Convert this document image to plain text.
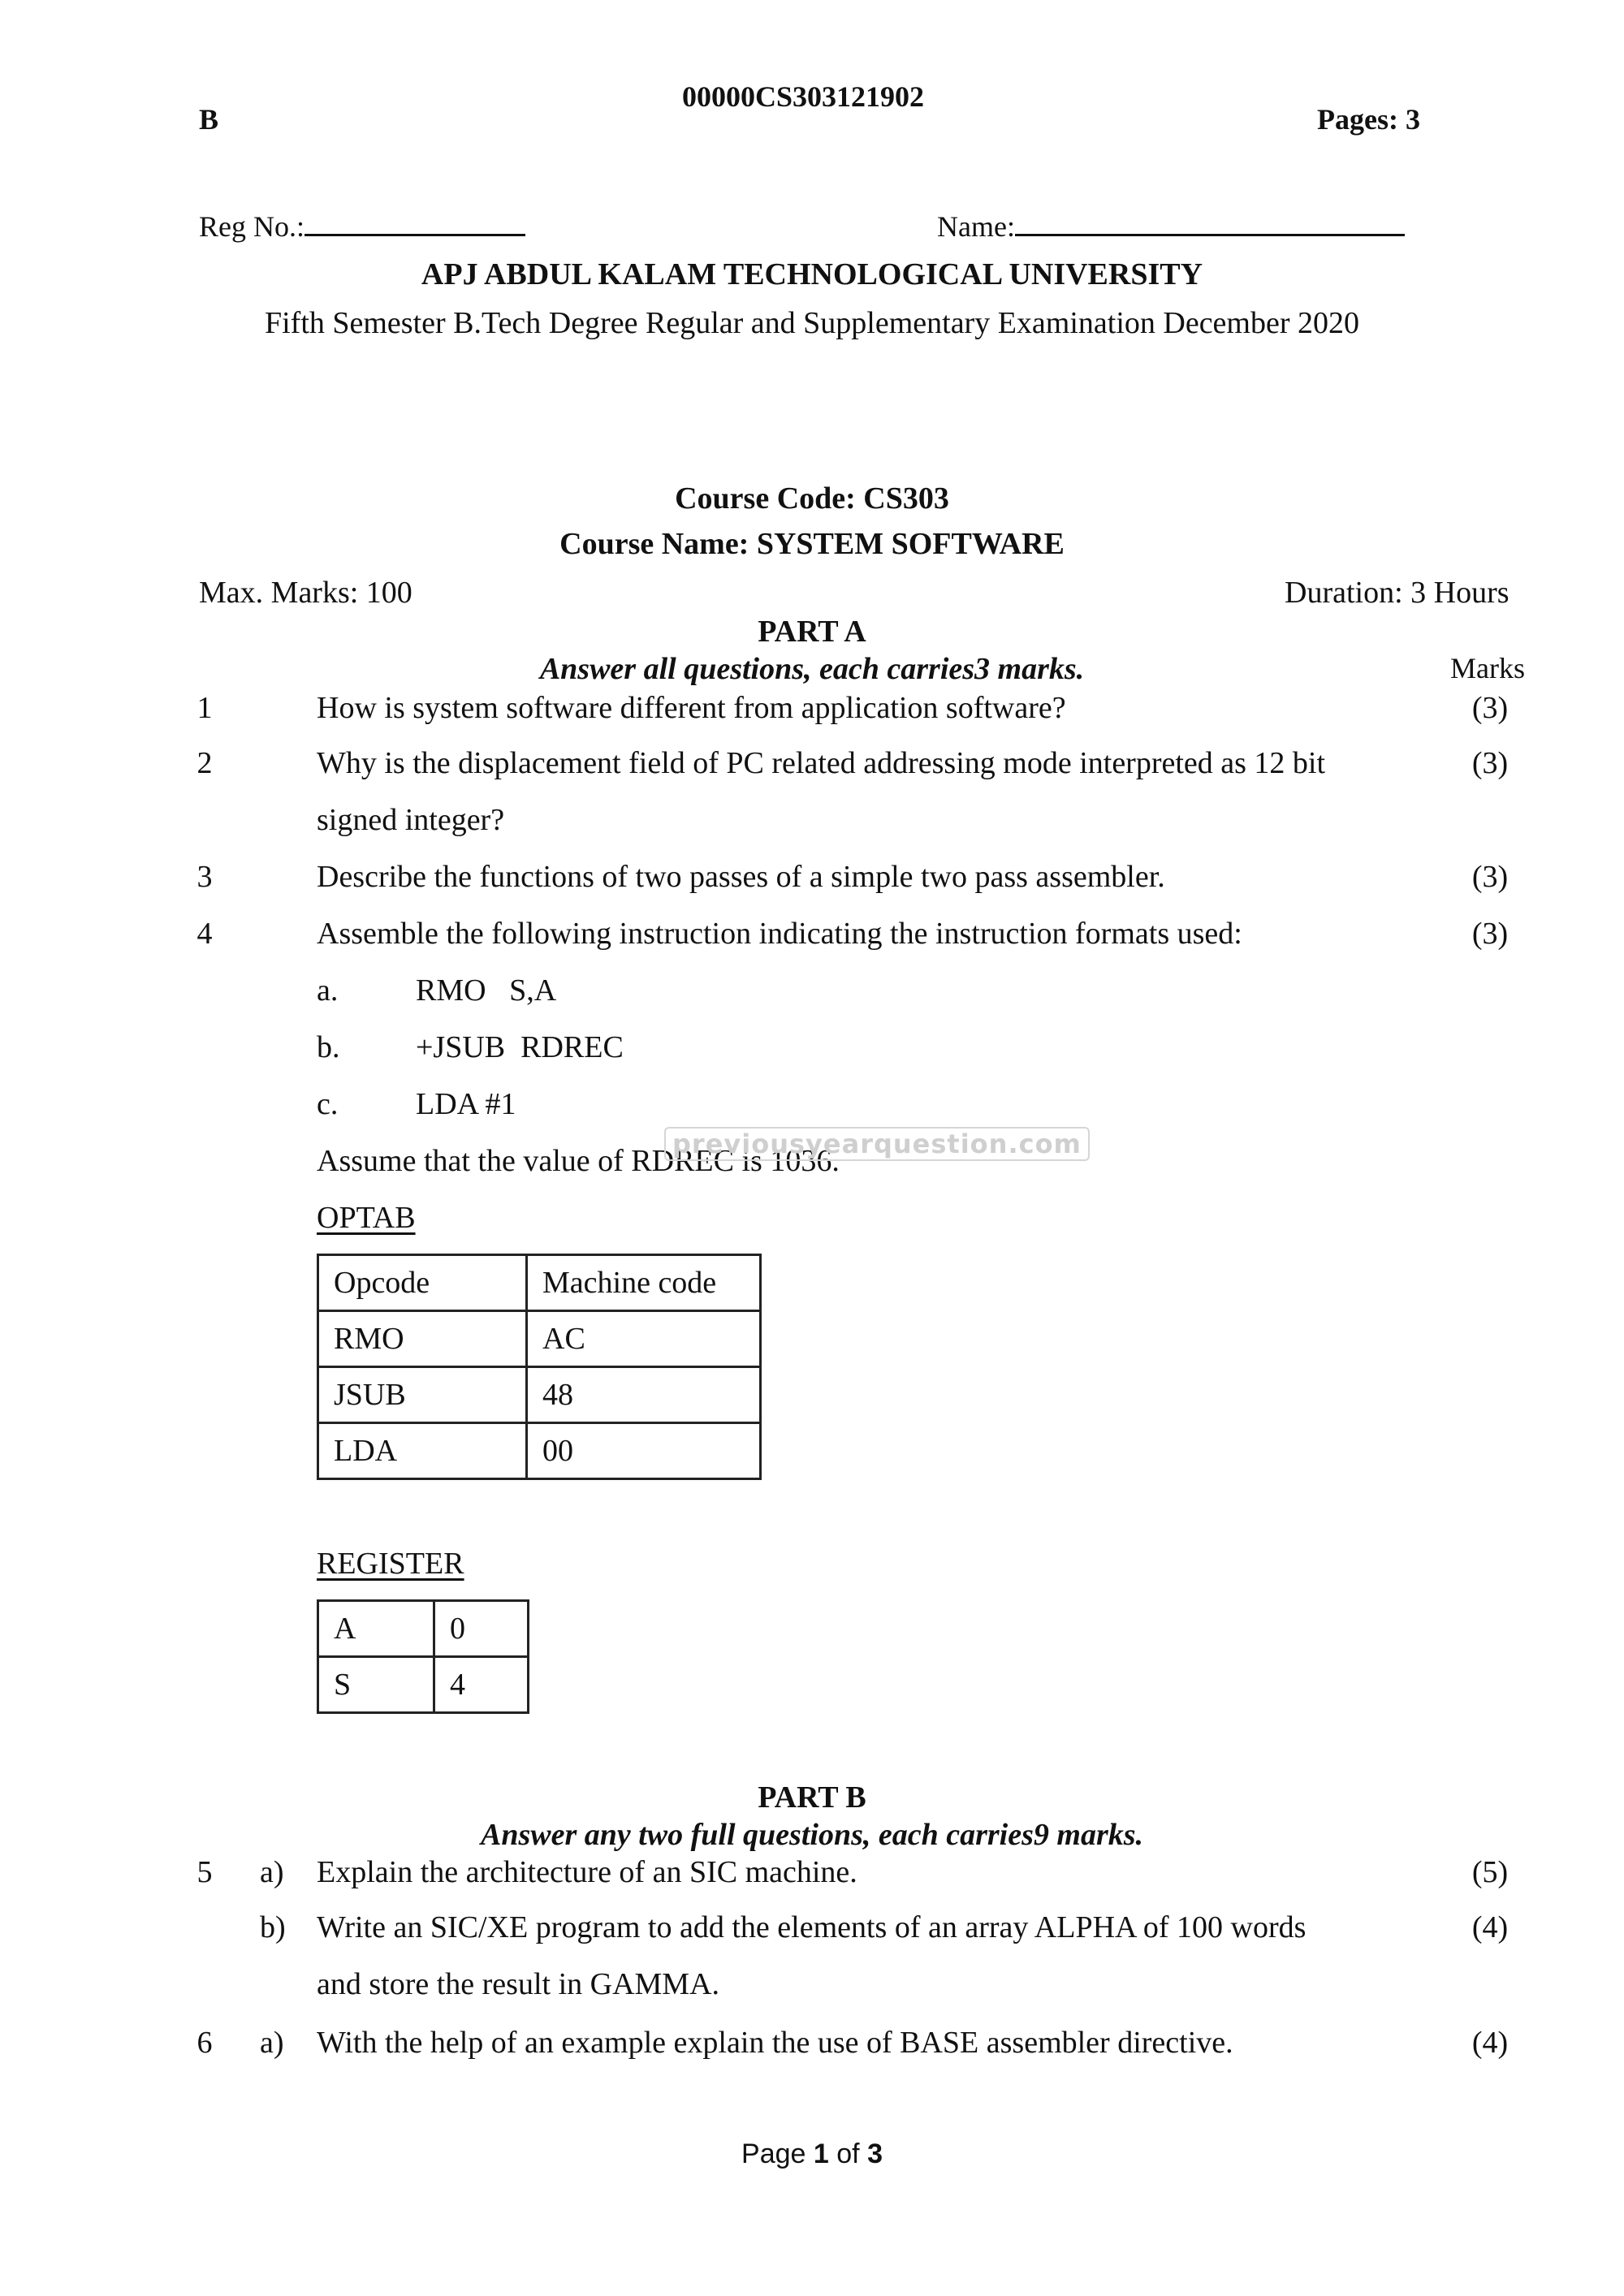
B
00000CS303121902
Pages: 3
Reg No.:	Name:
APJ ABDUL KALAM TECHNOLOGICAL UNIVERSITY
Fifth Semester B.Tech Degree Regular and Supplementary Examination December 2020
Course Code: CS303
Course Name: SYSTEM SOFTWARE
Max. Marks: 100	Duration: 3 Hours
PART A
Answer all questions, each carries3 marks.	Marks
1	How is system software different from application software?	(3)
2	Why is the displacement field of PC related addressing mode interpreted as 12 bit
signed integer?
(3)
3	Describe the functions of two passes of a simple two pass assembler.	(3)
4	Assemble the following instruction indicating the instruction formats used:	(3)
a.	RMO   S,A
b. +JSUB  RDREC
c.	LDA #1
Assume that the value of RDREC is 1036.
previousyearquestion.com
OPTAB
Opcode	Machine code
RMO	AC
JSUB	48
LDA	00
REGISTER
A	0
S	4
PART B
Answer any two full questions, each carries9 marks.
5 a) Explain the architecture of an SIC machine.	(5)
b) Write an SIC/XE program to add the elements of an array ALPHA of 100 words
and store the result in GAMMA.
(4)
6 a) With the help of an example explain the use of BASE assembler directive.	(4)
Page 1 of 3
